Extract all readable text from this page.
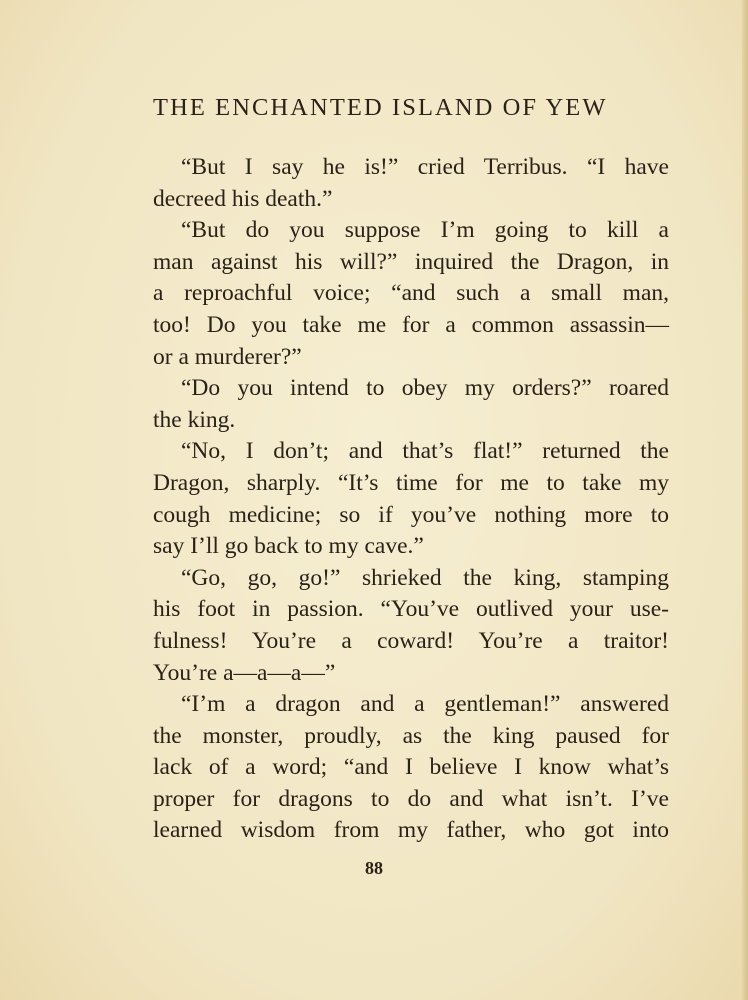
THE ENCHANTED ISLAND OF YEW
“But I say he is!” cried Terribus. “I have
decreed his death.”
“But do you suppose I’m going to kill a
man against his will?” inquired the Dragon, in
a reproachful voice; “and such a small man,
too! Do you take me for a common assassin—
or a murderer?”
“Do you intend to obey my orders?” roared
the king.
“No, I don’t; and that’s flat!” returned the
Dragon, sharply. “It’s time for me to take my
cough medicine; so if you’ve nothing more to
say I’ll go back to my cave.”
“Go, go, go!” shrieked the king, stamping
his foot in passion. “You’ve outlived your use-
fulness! You’re a coward! You’re a traitor!
You’re a—a—a—”
“I’m a dragon and a gentleman!” answered
the monster, proudly, as the king paused for
lack of a word; “and I believe I know what’s
proper for dragons to do and what isn’t. I’ve
learned wisdom from my father, who got into
88
